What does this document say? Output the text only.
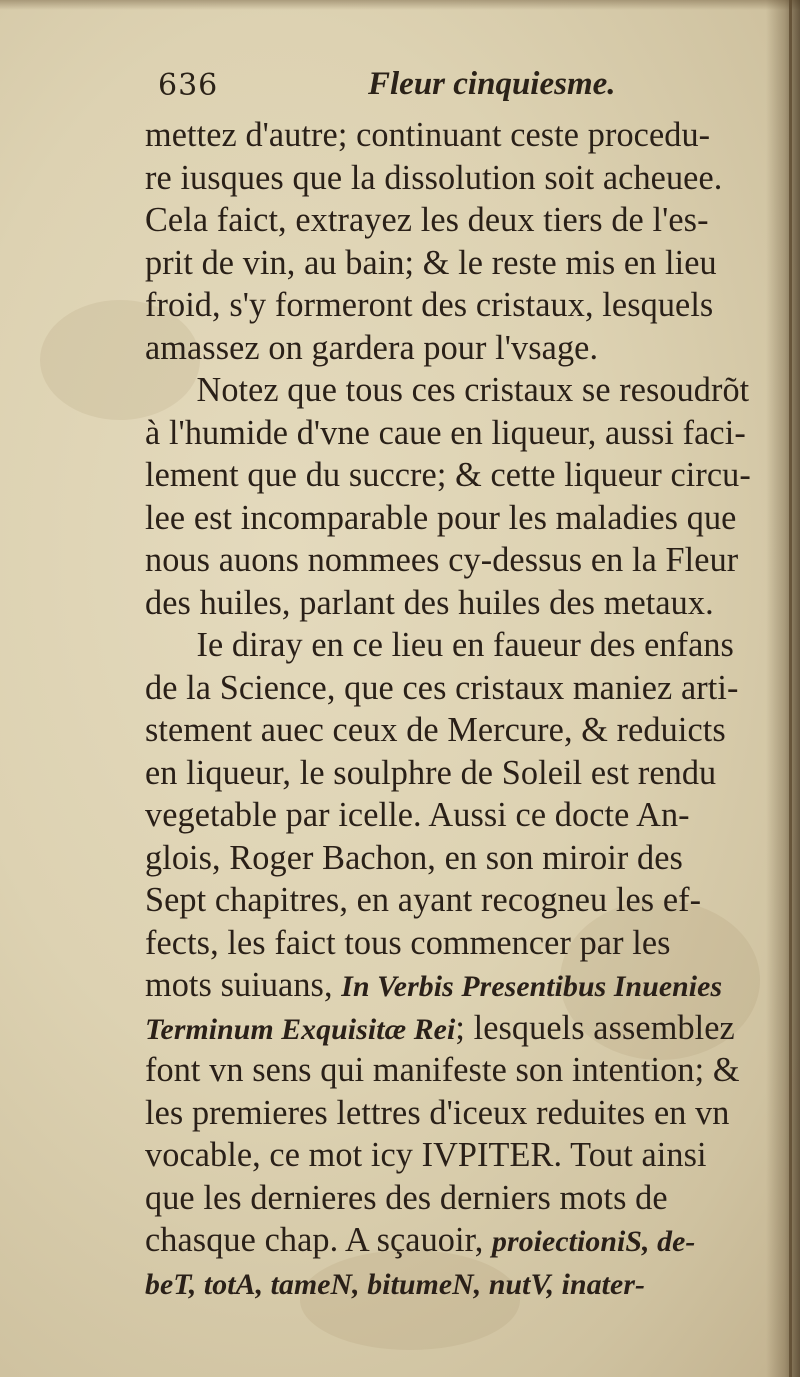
636	Fleur cinquiesme.
mettez d'autre; continuant ceste procedu-
re iusques que la dissolution soit acheuee.
Cela faict, extrayez les deux tiers de l'es-
prit de vin, au bain; & le reste mis en lieu
froid, s'y formeront des cristaux, lesquels
amassez on gardera pour l'vsage.
Notez que tous ces cristaux se resoudrõt
à l'humide d'vne caue en liqueur, aussi faci-
lement que du succre; & cette liqueur circu-
lee est incomparable pour les maladies que
nous auons nommees cy-dessus en la Fleur
des huiles, parlant des huiles des metaux.
Ie diray en ce lieu en faueur des enfans
de la Science, que ces cristaux maniez arti-
stement auec ceux de Mercure, & reduicts
en liqueur, le soulphre de Soleil est rendu
vegetable par icelle. Aussi ce docte An-
glois, Roger Bachon, en son miroir des
Sept chapitres, en ayant recogneu les ef-
fects, les faict tous commencer par les
mots suiuans, In Verbis Presentibus Inuenies
Terminum Exquisitæ Rei; lesquels assemblez
font vn sens qui manifeste son intention; &
les premieres lettres d'iceux reduites en vn
vocable, ce mot icy IVPITER. Tout ainsi
que les dernieres des derniers mots de
chasque chap. A sçauoir, proiectioniS, de-
beT, totA, tameN, bitumeN, nutV, inater-
